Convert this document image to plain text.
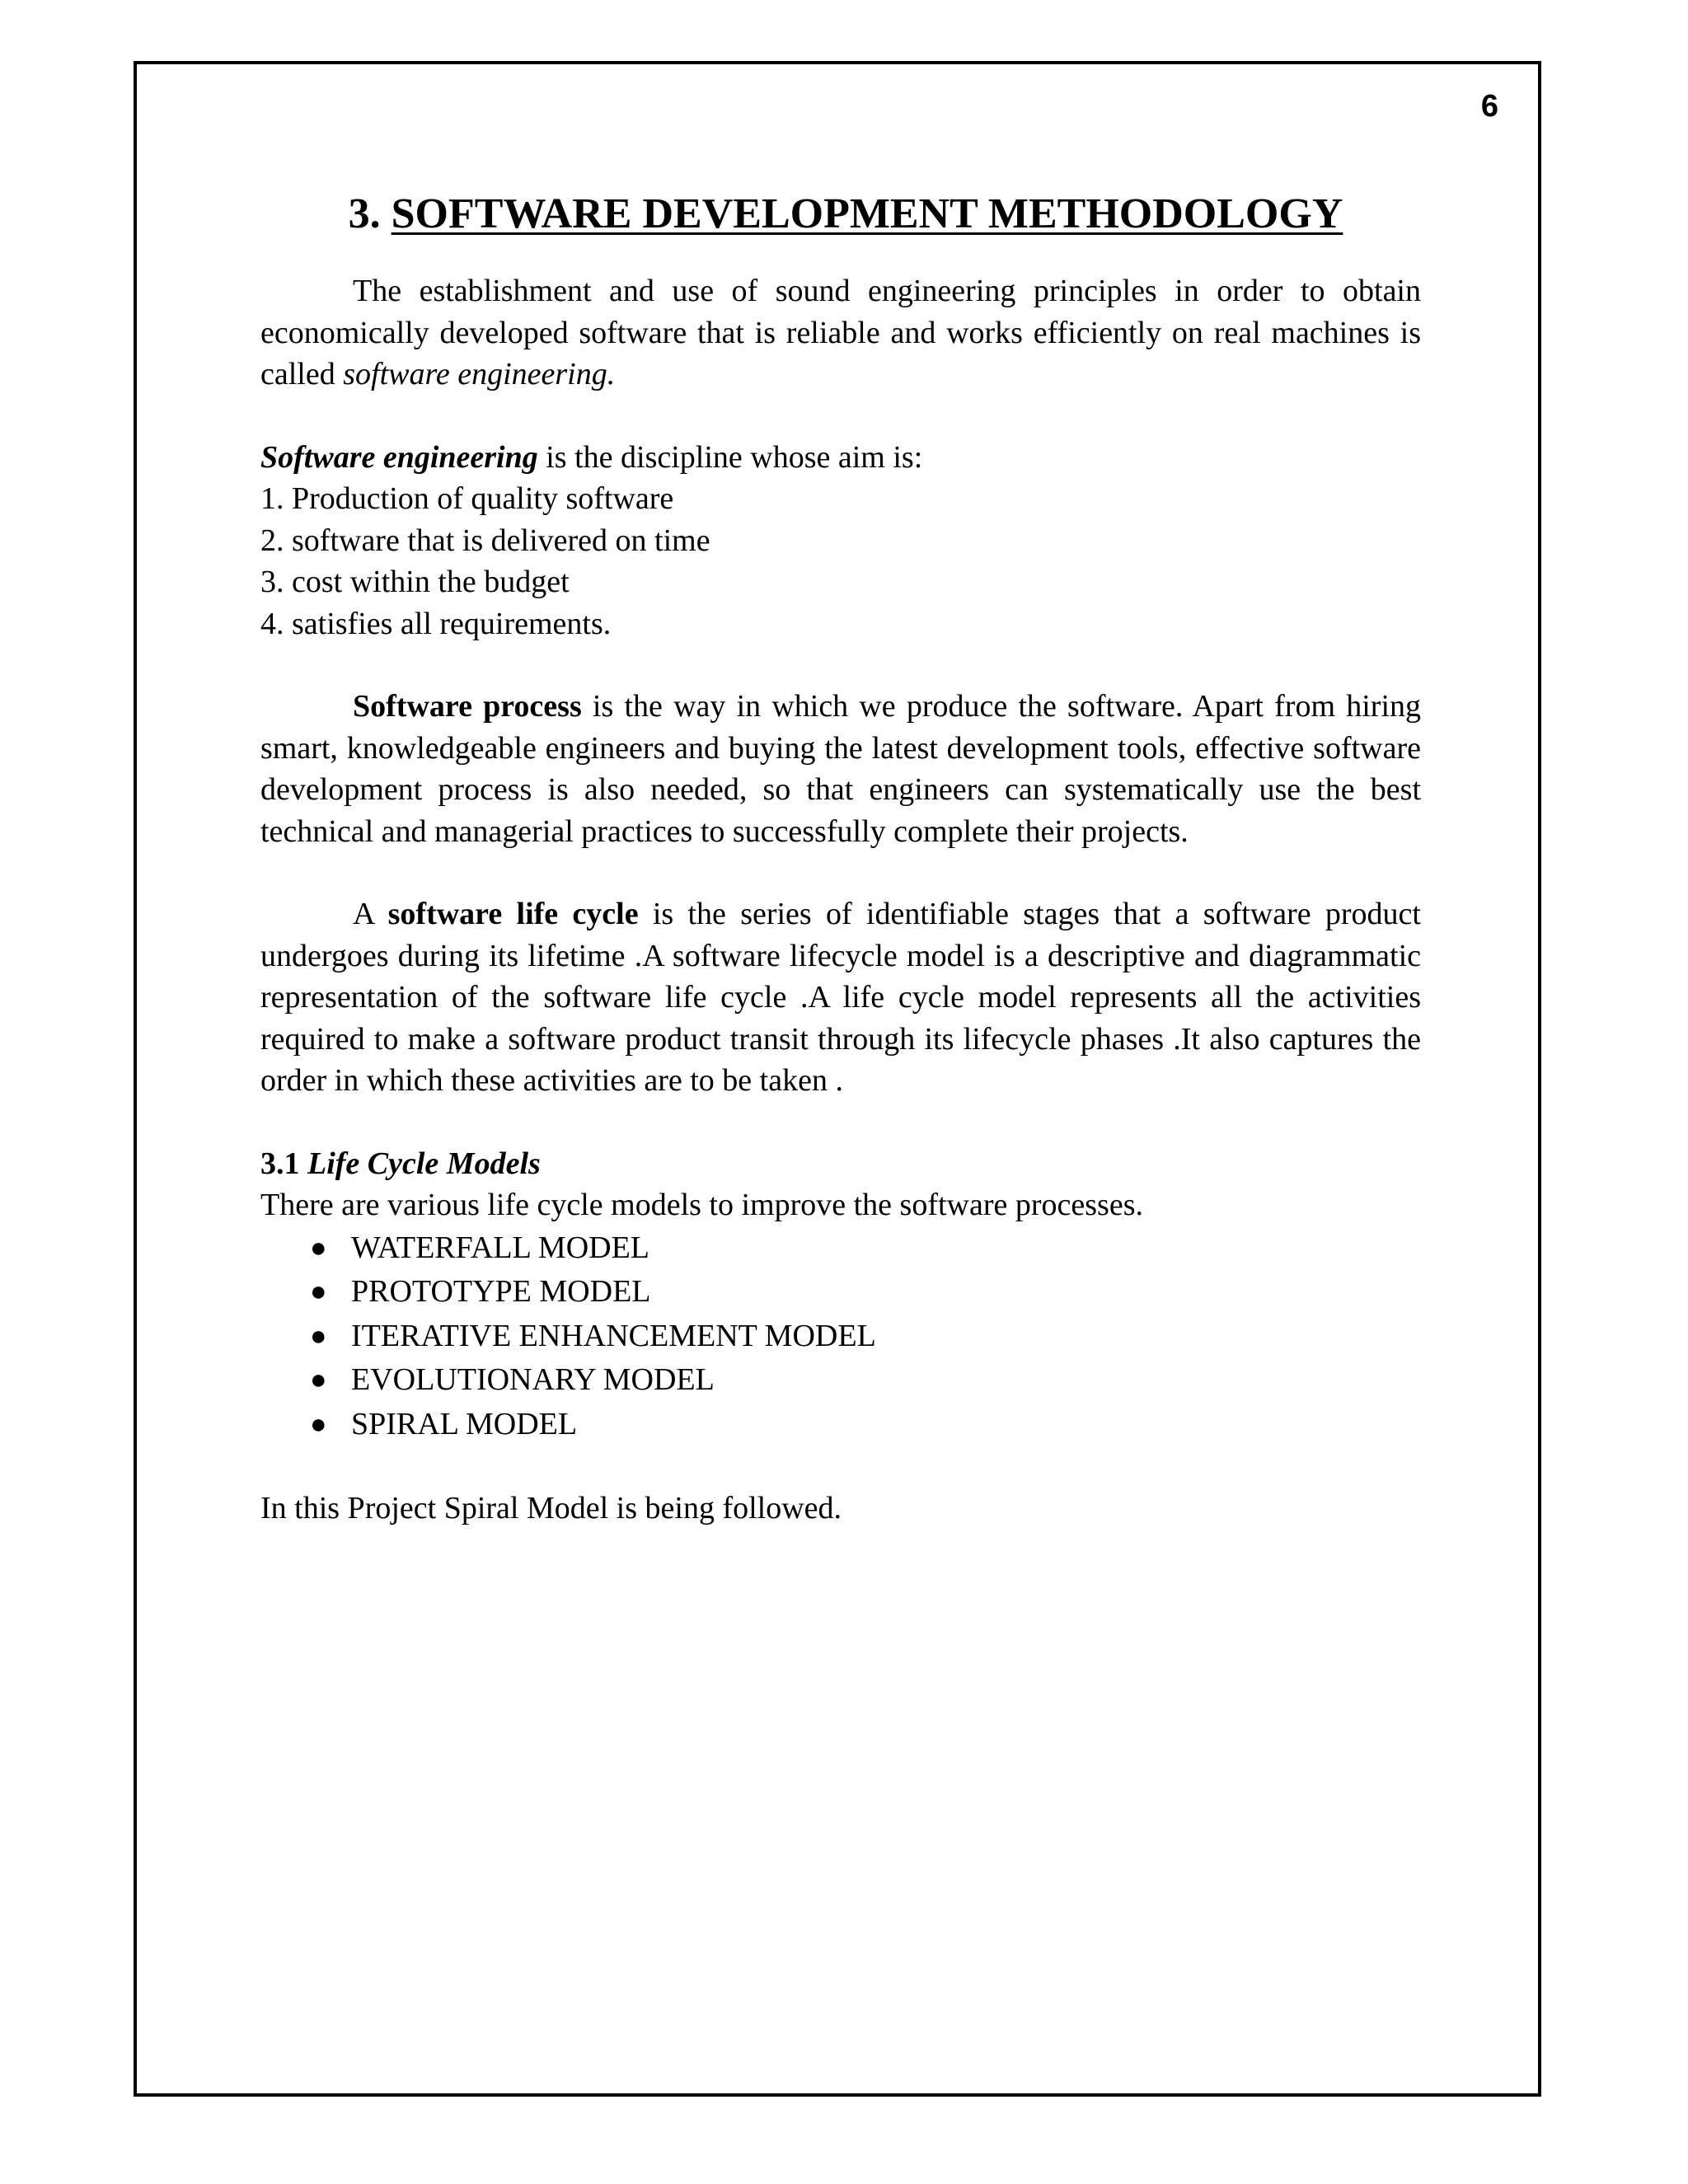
6
3. SOFTWARE DEVELOPMENT METHODOLOGY

The establishment and use of sound engineering principles in order to obtain economically developed software that is reliable and works efficiently on real machines is called software engineering.

Software engineering is the discipline whose aim is:

1. Production of quality software
2. software that is delivered on time
3. cost within the budget
4. satisfies all requirements.

Software process is the way in which we produce the software. Apart from hiring smart, knowledgeable engineers and buying the latest development tools, effective software development process is also needed, so that engineers can systematically use the best technical and managerial practices to successfully complete their projects.

A software life cycle is the series of identifiable stages that a software product undergoes during its lifetime .A software lifecycle model is a descriptive and diagrammatic representation of the software life cycle .A life cycle model represents all the activities required to make a software product transit through its lifecycle phases .It also captures the order in which these activities are to be taken .

3.1 Life Cycle Models

There are various life cycle models to improve the software processes.

● WATERFALL MODEL
● PROTOTYPE MODEL
● ITERATIVE ENHANCEMENT MODEL
● EVOLUTIONARY MODEL
● SPIRAL MODEL

In this Project Spiral Model is being followed.
